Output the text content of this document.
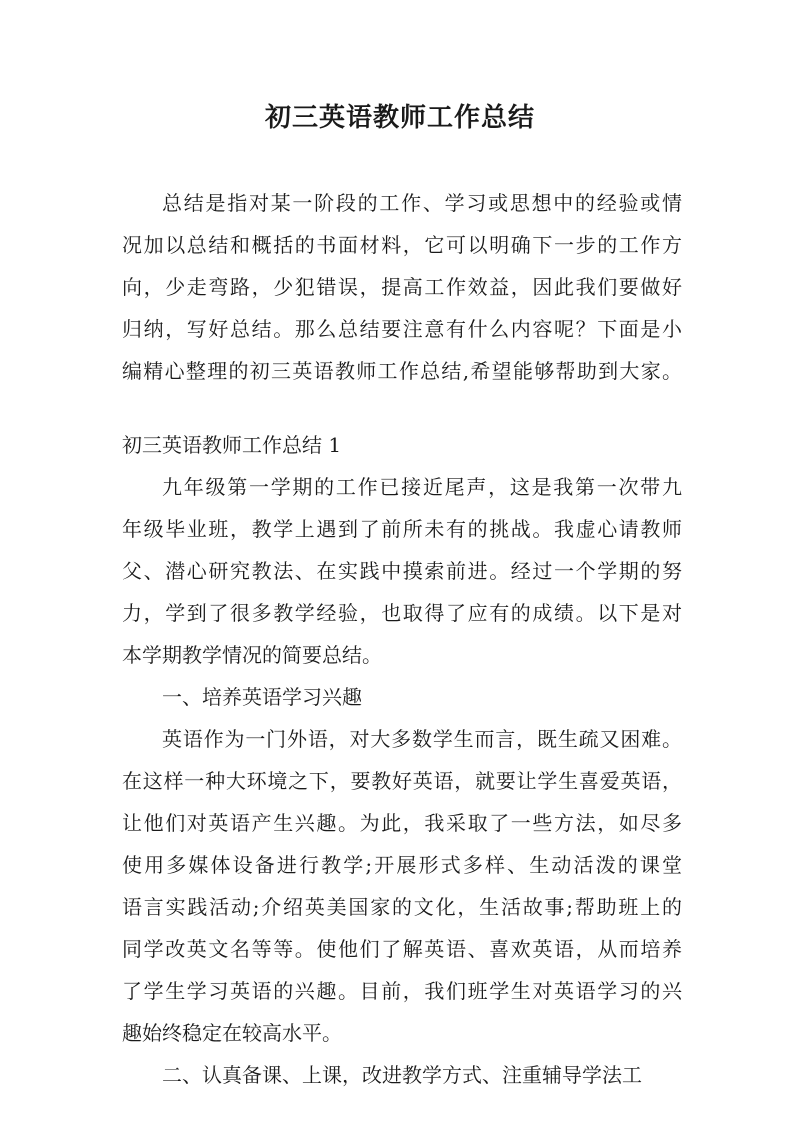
初三英语教师工作总结
总结是指对某一阶段的工作、学习或思想中的经验或情
况加以总结和概括的书面材料，它可以明确下一步的工作方
向，少走弯路，少犯错误，提高工作效益，因此我们要做好
归纳，写好总结。那么总结要注意有什么内容呢？下面是小
编精心整理的初三英语教师工作总结,希望能够帮助到大家。
初三英语教师工作总结 1
九年级第一学期的工作已接近尾声，这是我第一次带九
年级毕业班，教学上遇到了前所未有的挑战。我虚心请教师
父、潜心研究教法、在实践中摸索前进。经过一个学期的努
力，学到了很多教学经验，也取得了应有的成绩。以下是对
本学期教学情况的简要总结。
一、培养英语学习兴趣
英语作为一门外语，对大多数学生而言，既生疏又困难。
在这样一种大环境之下，要教好英语，就要让学生喜爱英语，
让他们对英语产生兴趣。为此，我采取了一些方法，如尽多
使用多媒体设备进行教学;开展形式多样、生动活泼的课堂
语言实践活动;介绍英美国家的文化，生活故事;帮助班上的
同学改英文名等等。使他们了解英语、喜欢英语，从而培养
了学生学习英语的兴趣。目前，我们班学生对英语学习的兴
趣始终稳定在较高水平。
二、认真备课、上课，改进教学方式、注重辅导学法工
